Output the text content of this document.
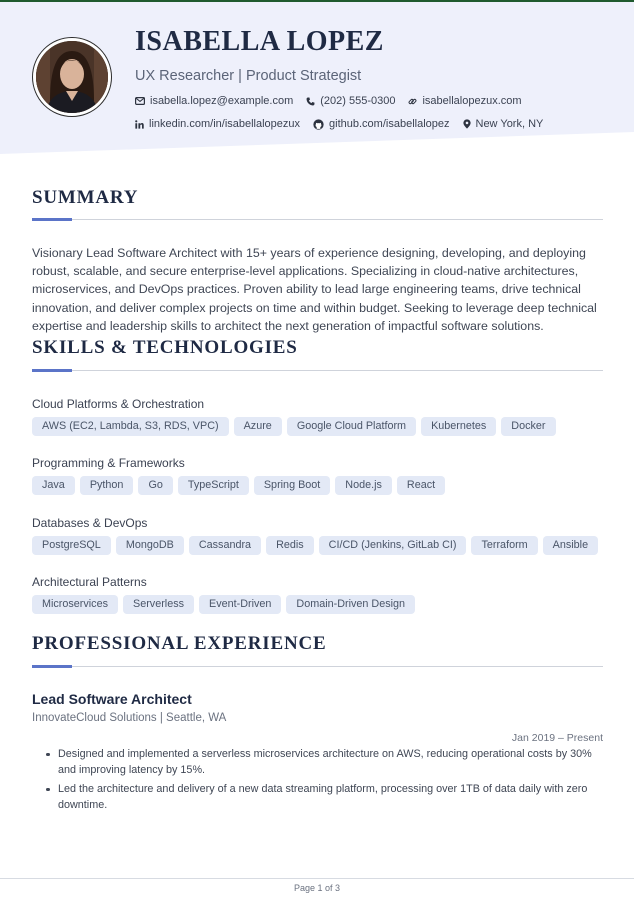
ISABELLA LOPEZ
UX Researcher | Product Strategist
isabella.lopez@example.com (202) 555-0300 isabellalopezux.com
linkedin.com/in/isabellalopezux	github.com/isabellalopez New York, NY
SUMMARY

Visionary Lead Software Architect with 15+ years of experience designing, developing, and deploying robust, scalable, and secure enterprise-level applications. Specializing in cloud-native architectures, microservices, and DevOps practices. Proven ability to lead large engineering teams, drive technical innovation, and deliver complex projects on time and within budget. Seeking to leverage deep technical expertise and leadership skills to architect the next generation of impactful software solutions.

SKILLS & TECHNOLOGIES
Cloud Platforms & Orchestration
AWS (EC2, Lambda, S3, RDS, VPC)	Azure	Google Cloud Platform	Kubernetes	Docker
Programming & Frameworks
Java	Python	Go	TypeScript	Spring Boot	Node.js	React
Databases & DevOps
PostgreSQL	MongoDB	Cassandra	Redis	CI/CD (Jenkins, GitLab CI)	Terraform	Ansible
Architectural Patterns
Microservices	Serverless	Event-Driven	Domain-Driven Design
PROFESSIONAL EXPERIENCE
Lead Software Architect
InnovateCloud Solutions | Seattle, WA
Jan 2019 – Present
Designed and implemented a serverless microservices architecture on AWS, reducing operational costs by 30% and improving latency by 15%.
Led the architecture and delivery of a new data streaming platform, processing over 1TB of data daily with zero downtime.
Page 1 of 3
